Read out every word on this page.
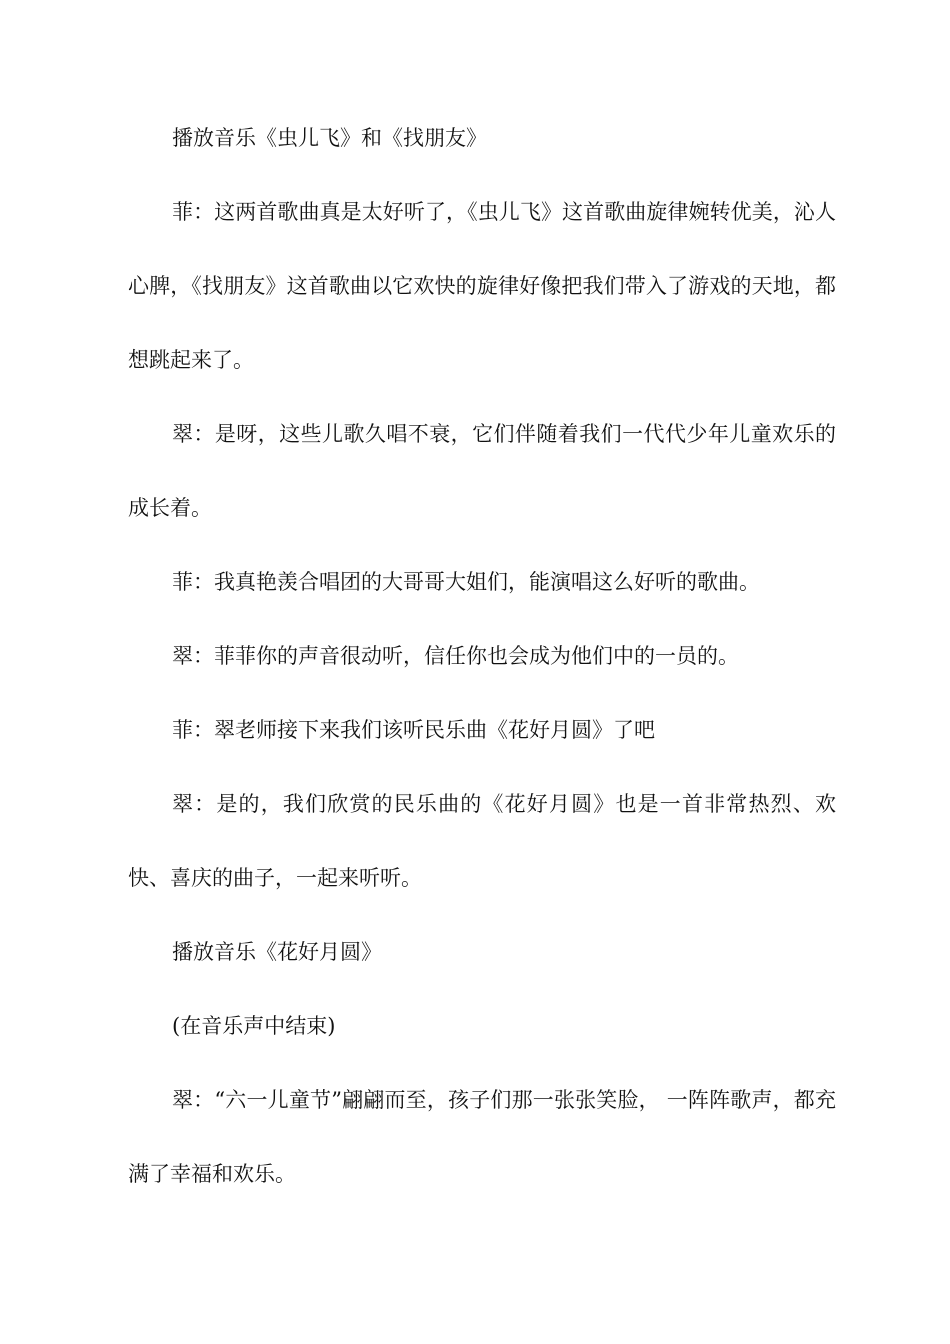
播放音乐《虫儿飞》和《找朋友》

菲：这两首歌曲真是太好听了，《虫儿飞》这首歌曲旋律婉转优美，沁人心脾，《找朋友》这首歌曲以它欢快的旋律好像把我们带入了游戏的天地，都想跳起来了。

翠：是呀，这些儿歌久唱不衰，它们伴随着我们一代代少年儿童欢乐的成长着。

菲：我真艳羡合唱团的大哥哥大姐们，能演唱这么好听的歌曲。

翠：菲菲你的声音很动听，信任你也会成为他们中的一员的。

菲：翠老师接下来我们该听民乐曲《花好月圆》了吧

翠：是的，我们欣赏的民乐曲的《花好月圆》也是一首非常热烈、欢快、喜庆的曲子，一起来听听。

播放音乐《花好月圆》

(在音乐声中结束)

翠：“六一儿童节”翩翩而至，孩子们那一张张笑脸， 一阵阵歌声，都充满了幸福和欢乐。
